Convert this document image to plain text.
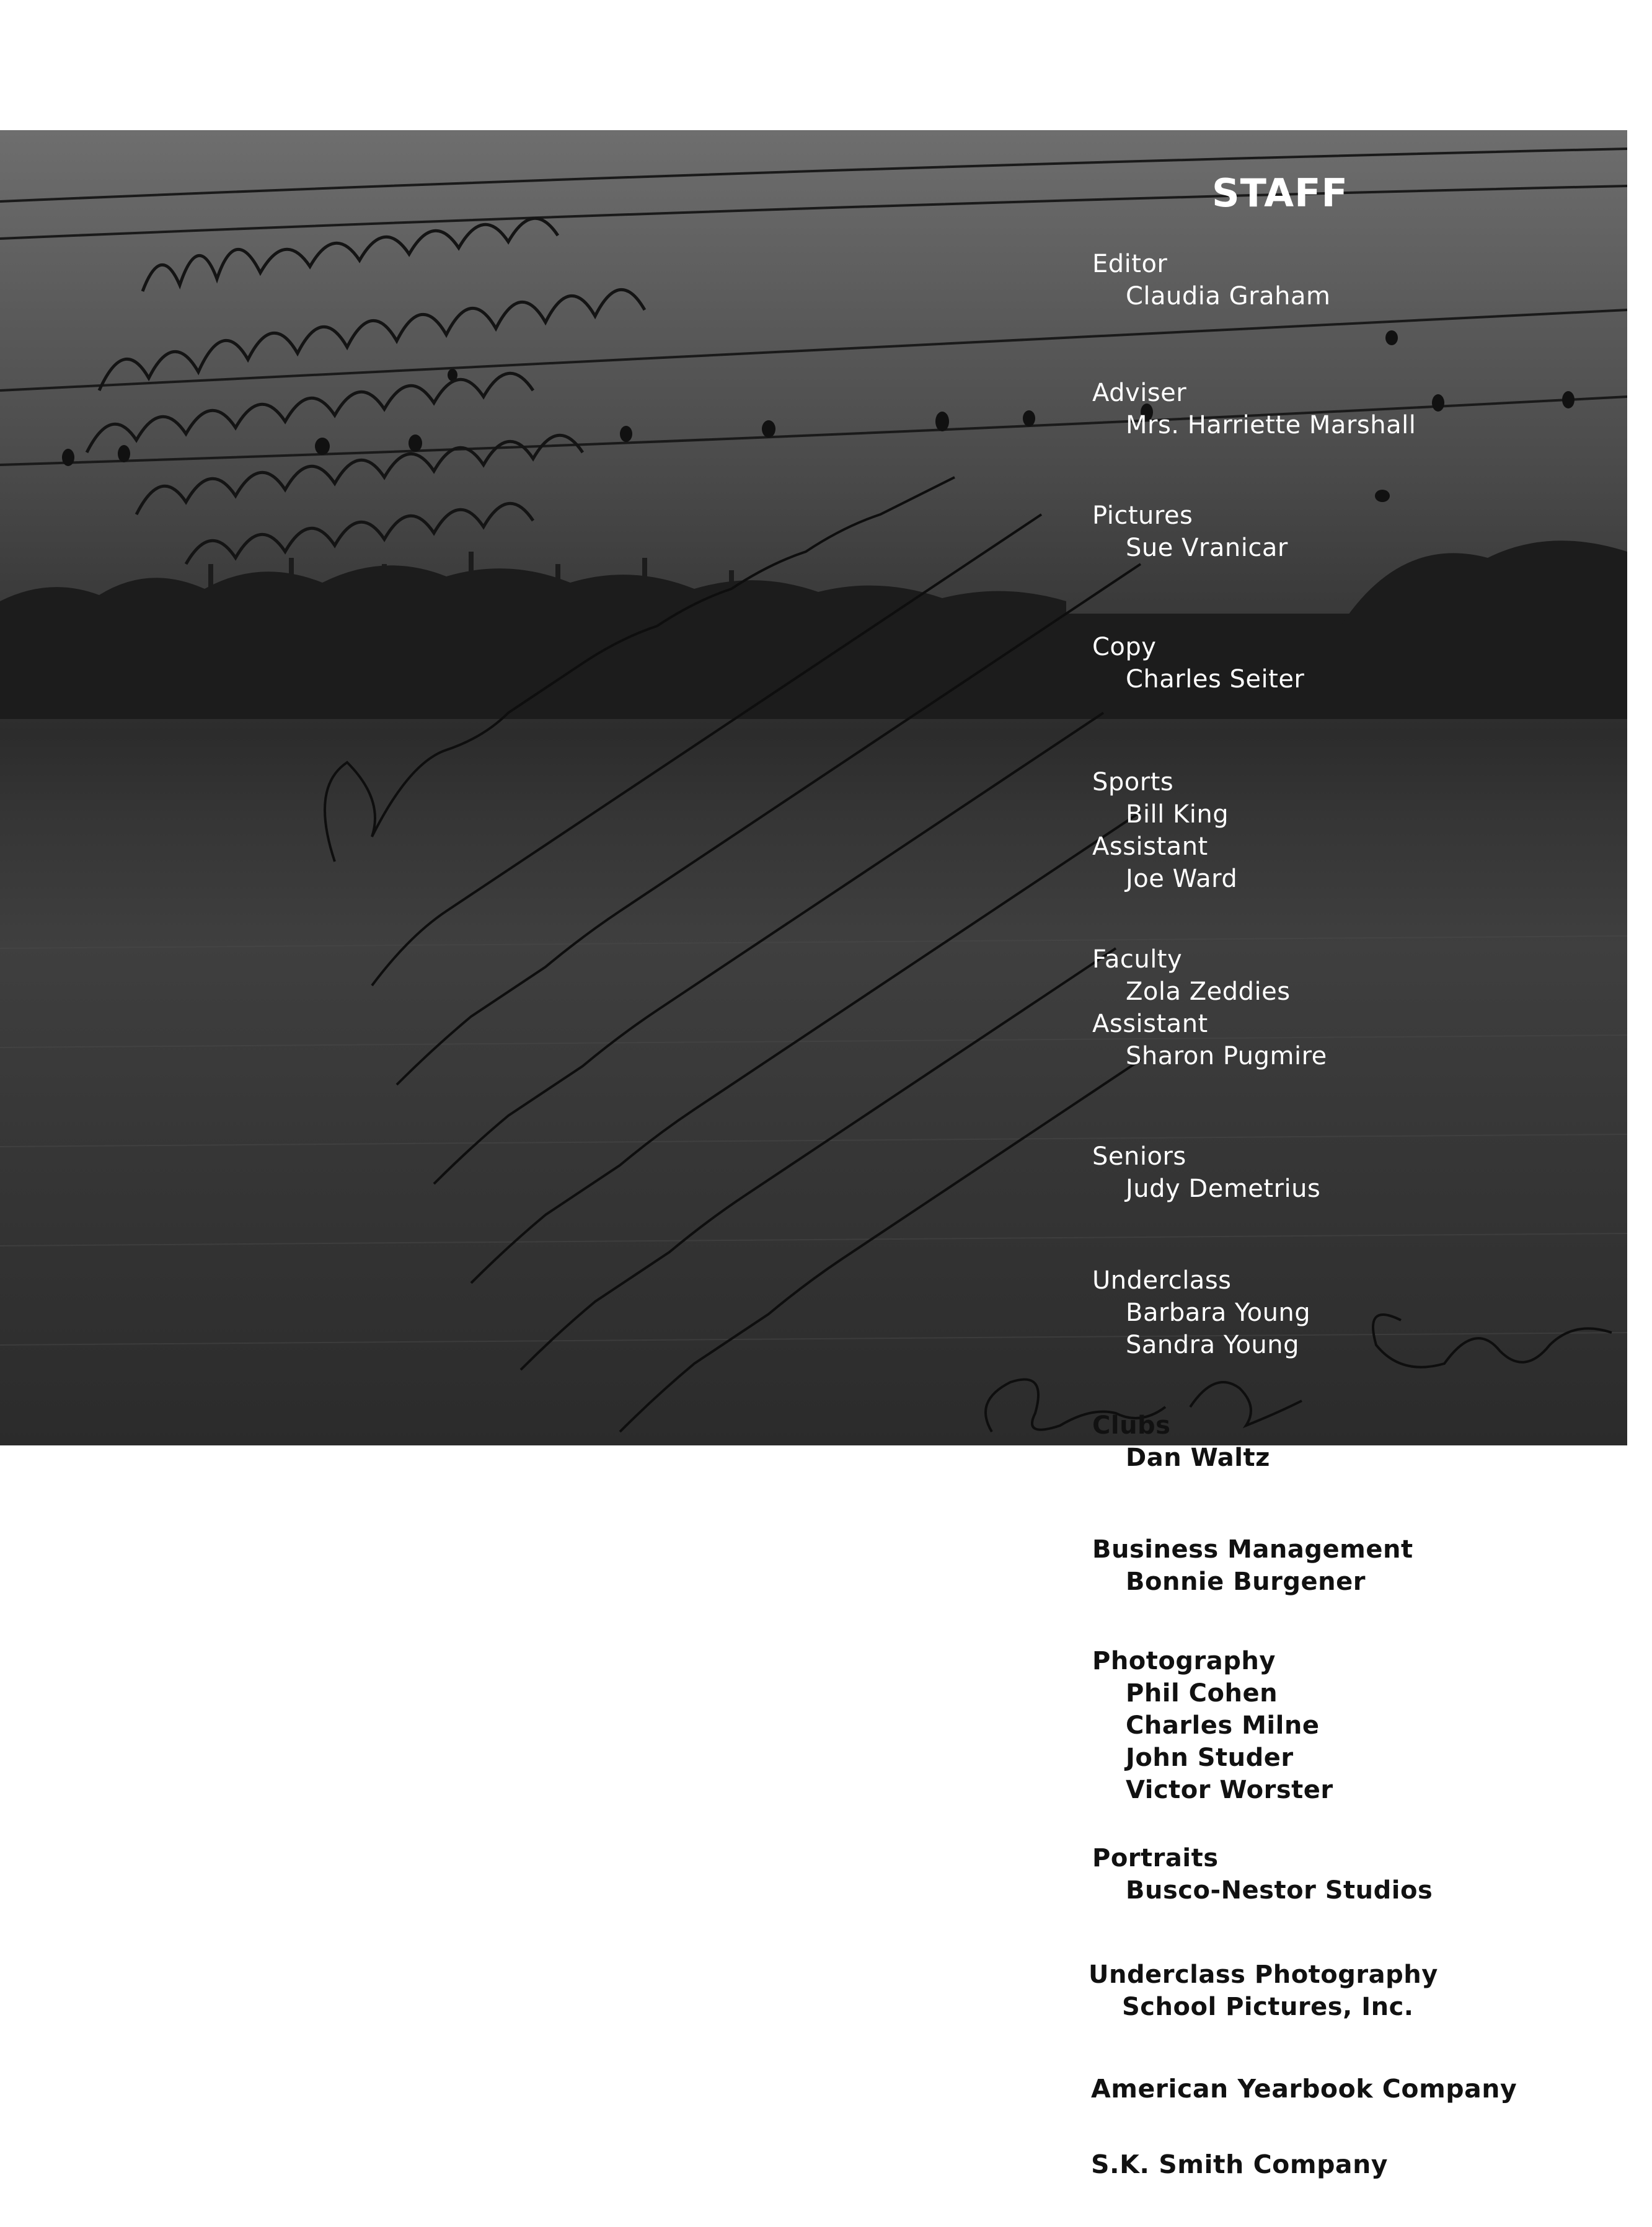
STAFF
Editor
Claudia Graham
Adviser
Mrs. Harriette Marshall
Pictures
Sue Vranicar
Copy
Charles Seiter
Sports
Bill King
Assistant
Joe Ward
Faculty
Zola Zeddies
Assistant
Sharon Pugmire
Seniors
Judy Demetrius
Underclass
Barbara Young
Sandra Young
Clubs
Dan Waltz
Business Management
Bonnie Burgener
Photography
Phil Cohen
Charles Milne
John Studer
Victor Worster
Portraits
Busco-Nestor Studios
Underclass Photography
School Pictures, Inc.
American Yearbook Company
S.K. Smith Company
